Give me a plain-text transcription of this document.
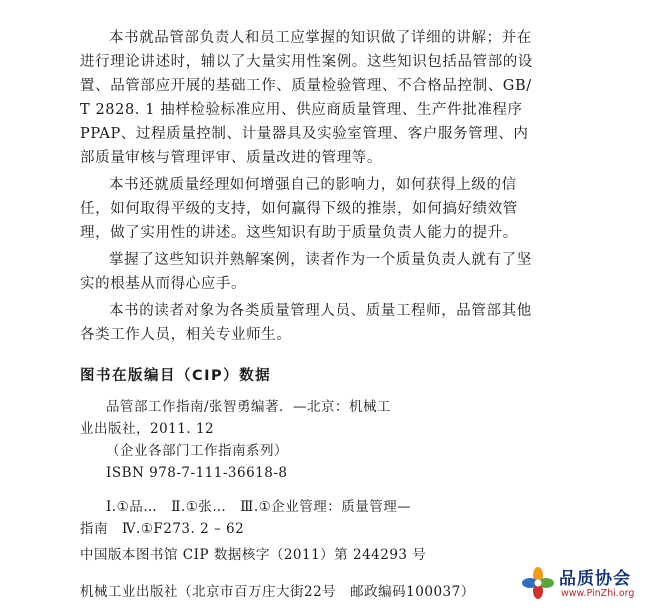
本书就品管部负责人和员工应掌握的知识做了详细的讲解；并在
进行理论讲述时，辅以了大量实用性案例。这些知识包括品管部的设
置、品管部应开展的基础工作、质量检验管理、不合格品控制、GB/
T 2828. 1 抽样检验标准应用、供应商质量管理、生产件批准程序
PPAP、过程质量控制、计量器具及实验室管理、客户服务管理、内
部质量审核与管理评审、质量改进的管理等。

本书还就质量经理如何增强自己的影响力，如何获得上级的信
任，如何取得平级的支持，如何赢得下级的推崇，如何搞好绩效管
理，做了实用性的讲述。这些知识有助于质量负责人能力的提升。

掌握了这些知识并熟解案例，读者作为一个质量负责人就有了坚
实的根基从而得心应手。

本书的读者对象为各类质量管理人员、质量工程师，品管部其他
各类工作人员，相关专业师生。

图书在版编目（CIP）数据
品管部工作指南/张智勇编著．—北京：机械工
业出版社，2011. 12
（企业各部门工作指南系列）
ISBN 978-7-111-36618-8
Ⅰ.①品…　Ⅱ.①张…　Ⅲ.①企业管理：质量管理—
指南　Ⅳ.①F273. 2 – 62
中国版本图书馆 CIP 数据核字（2011）第 244293 号
机械工业出版社（北京市百万庄大街22号　邮政编码100037）
品质协会
www.PinZhi.org
